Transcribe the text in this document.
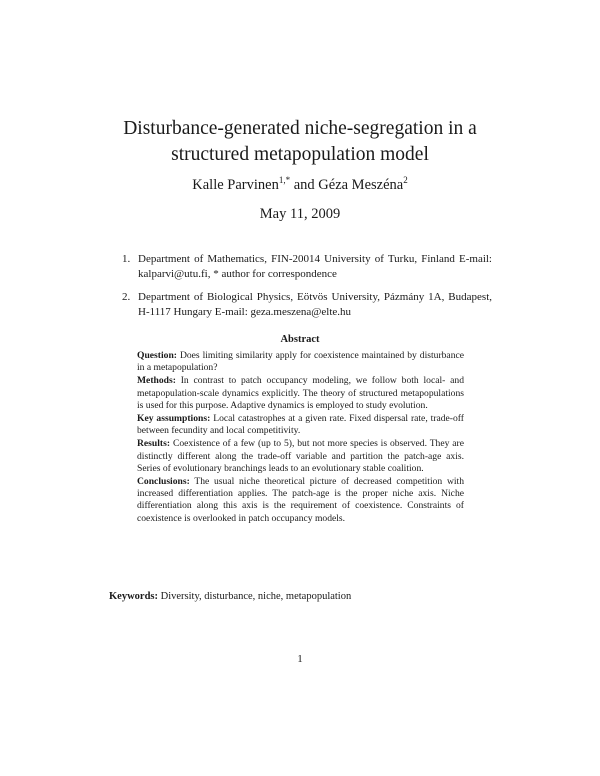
Disturbance-generated niche-segregation in a
structured metapopulation model
Kalle Parvinen$^{1,*}$ and Géza Meszéna$^2$
May 11, 2009
1. Department of Mathematics, FIN-20014 University of Turku, Finland E-mail: kalparvi@utu.fi, * author for correspondence
2. Department of Biological Physics, Eötvös University, Pázmány 1A, Budapest, H-1117 Hungary E-mail: geza.meszena@elte.hu
Abstract

Question: Does limiting similarity apply for coexistence maintained by disturbance in a metapopulation?

Methods: In contrast to patch occupancy modeling, we follow both local- and metapopulation-scale dynamics explicitly. The theory of structured metapopulations is used for this purpose. Adaptive dynamics is employed to study evolution.

Key assumptions: Local catastrophes at a given rate. Fixed dispersal rate, trade-off between fecundity and local competitivity.

Results: Coexistence of a few (up to 5), but not more species is observed. They are distinctly different along the trade-off variable and partition the patch-age axis. Series of evolutionary branchings leads to an evolutionary stable coalition.

Conclusions: The usual niche theoretical picture of decreased competition with increased differentiation applies. The patch-age is the proper niche axis. Niche differentiation along this axis is the requirement of coexistence. Constraints of coexistence is overlooked in patch occupancy models.

Keywords: Diversity, disturbance, niche, metapopulation
1
